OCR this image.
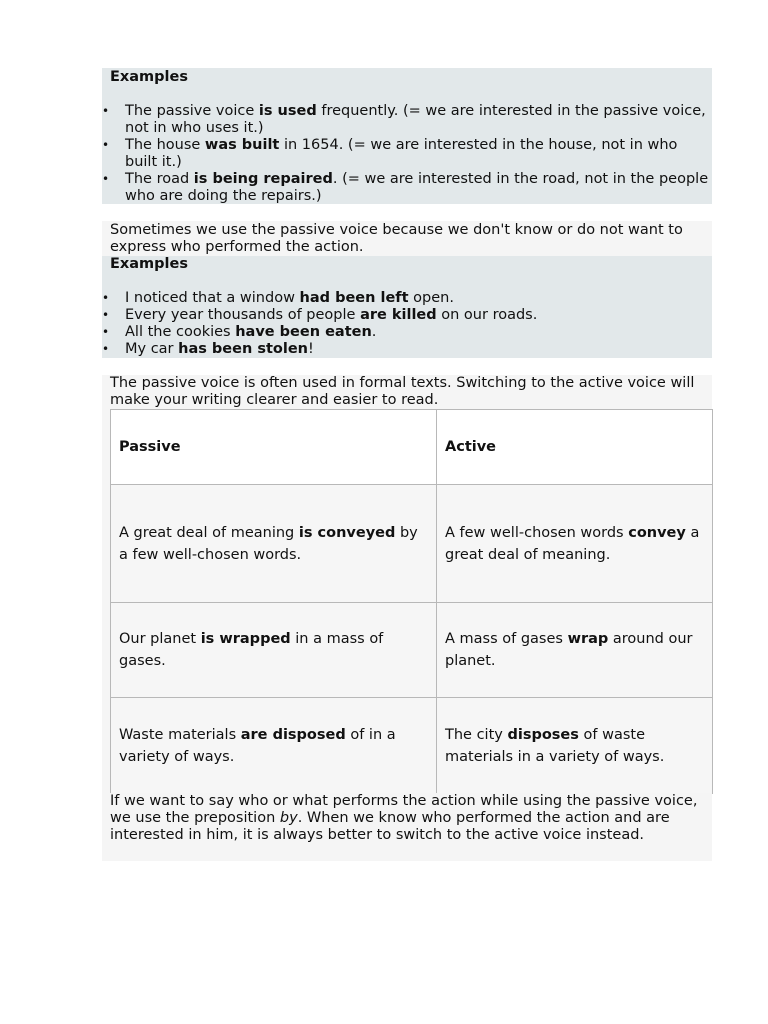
Examples
• The passive voice is used frequently. (= we are interested in the passive voice, not in who uses it.)
• The house was built in 1654. (= we are interested in the house, not in who built it.)
• The road is being repaired. (= we are interested in the road, not in the people who are doing the repairs.)
Sometimes we use the passive voice because we don't know or do not want to express who performed the action.
Examples
• I noticed that a window had been left open.
• Every year thousands of people are killed on our roads.
• All the cookies have been eaten.
• My car has been stolen!
The passive voice is often used in formal texts. Switching to the active voice will make your writing clearer and easier to read.
Passive	Active
A great deal of meaning is conveyed by a few well-chosen words.	A few well-chosen words convey a great deal of meaning.
Our planet is wrapped in a mass of gases.	A mass of gases wrap around our planet.
Waste materials are disposed of in a variety of ways.	The city disposes of waste materials in a variety of ways.
If we want to say who or what performs the action while using the passive voice, we use the preposition by. When we know who performed the action and are interested in him, it is always better to switch to the active voice instead.
